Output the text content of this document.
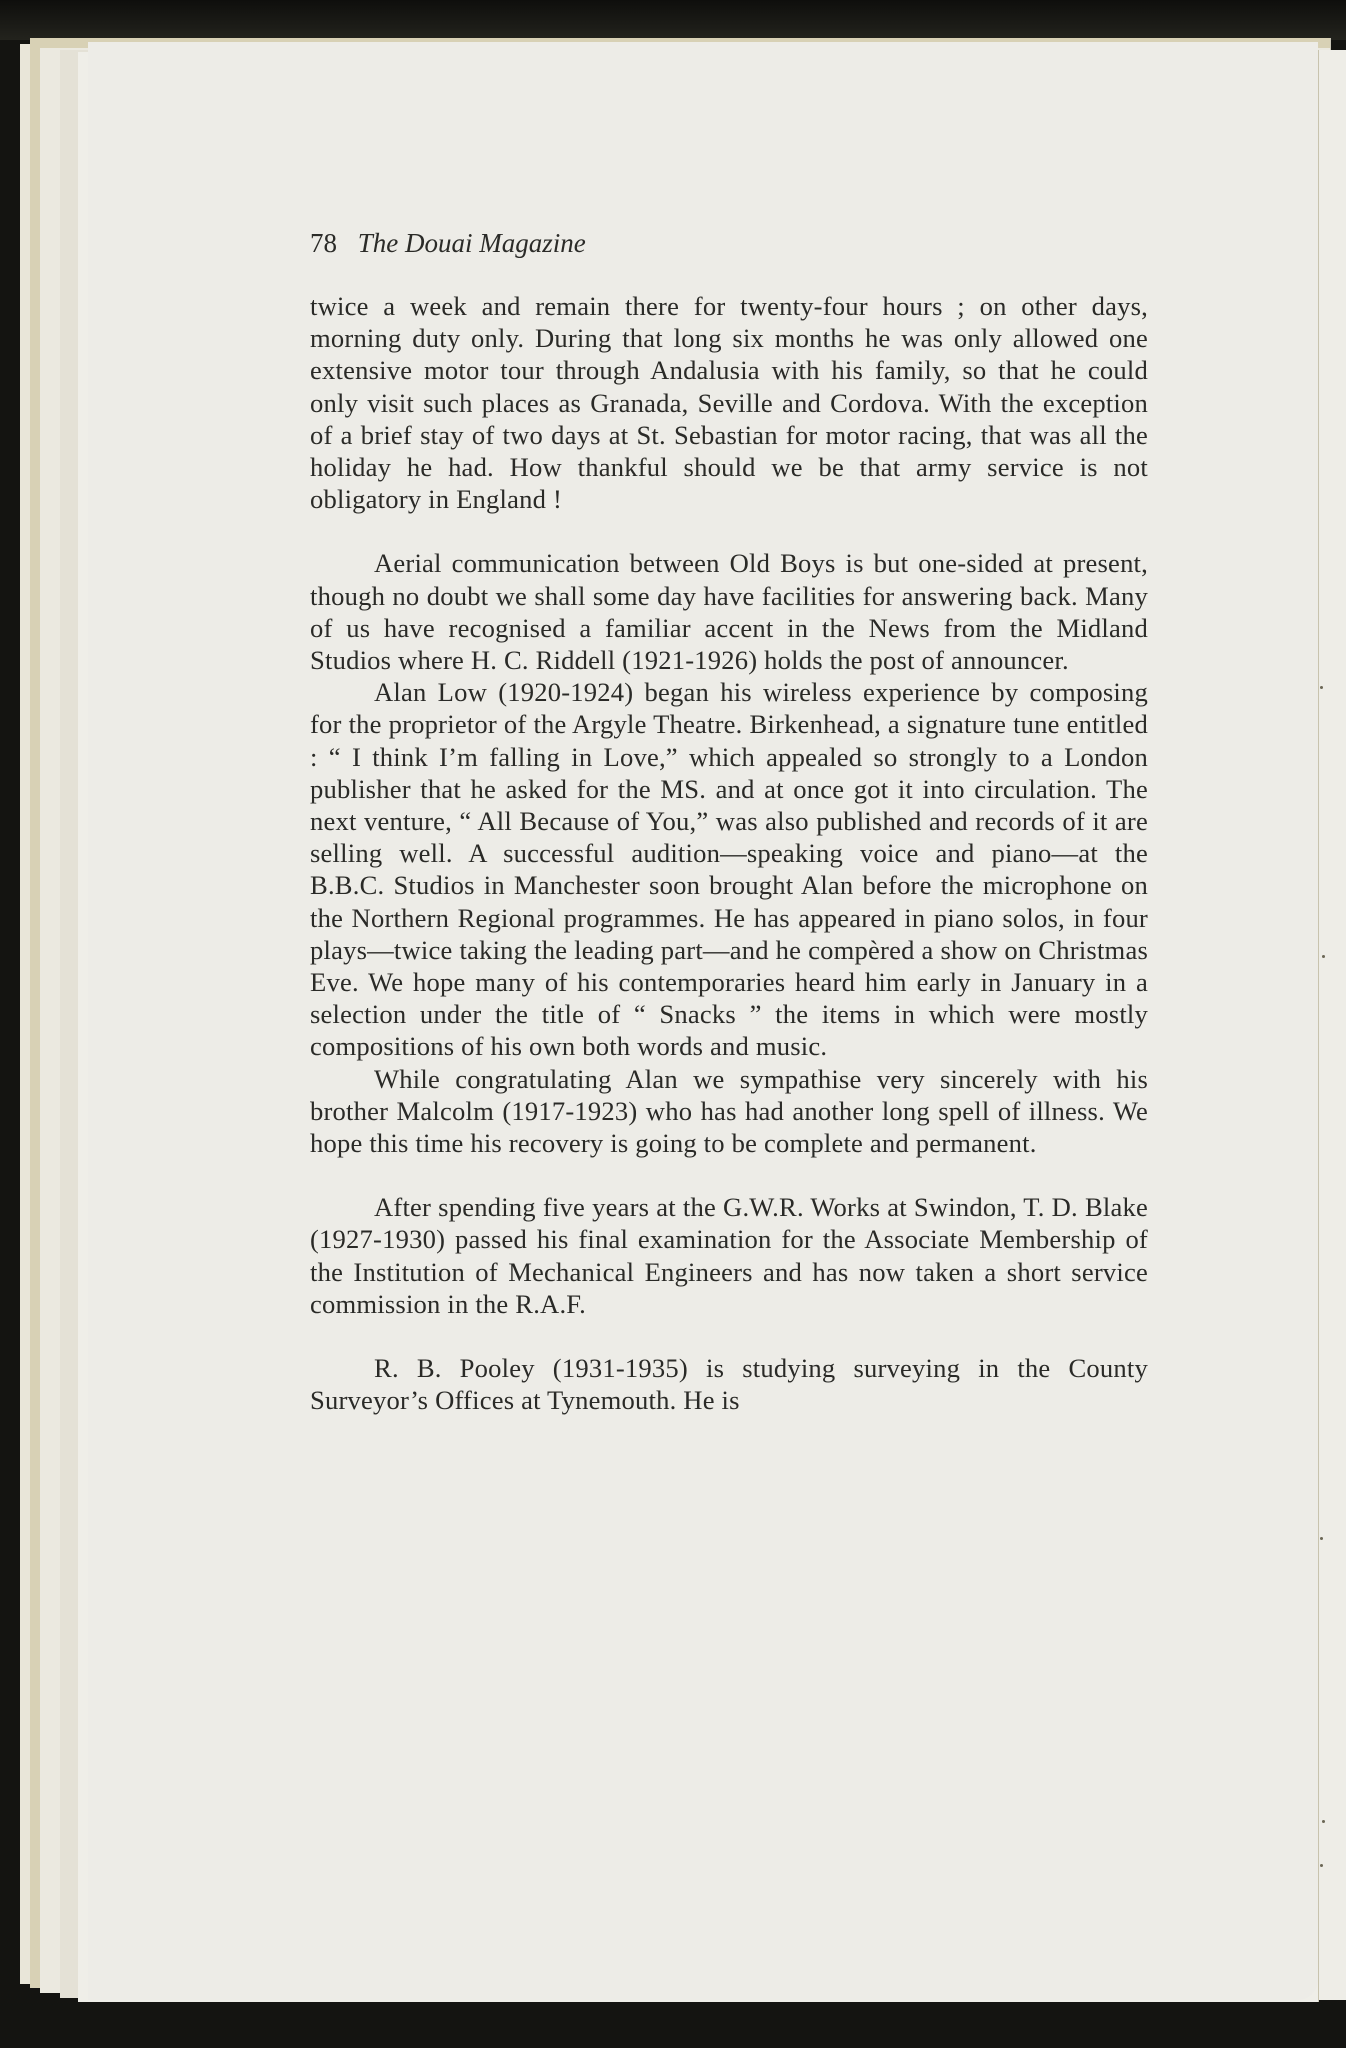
78 The Douai Magazine

twice a week and remain there for twenty-four hours ; on other days, morning duty only. During that long six months he was only allowed one extensive motor tour through Andalusia with his family, so that he could only visit such places as Granada, Seville and Cordova. With the exception of a brief stay of two days at St. Sebastian for motor racing, that was all the holiday he had. How thankful should we be that army service is not obligatory in England !

Aerial communication between Old Boys is but one-sided at present, though no doubt we shall some day have facilities for answering back. Many of us have recognised a familiar accent in the News from the Midland Studios where H. C. Riddell (1921-1926) holds the post of announcer.

Alan Low (1920-1924) began his wireless experience by composing for the proprietor of the Argyle Theatre. Birkenhead, a signature tune entitled : “ I think I’m falling in Love,” which appealed so strongly to a London publisher that he asked for the MS. and at once got it into circulation. The next venture, “ All Because of You,” was also published and records of it are selling well. A successful audition—speaking voice and piano—at the B.B.C. Studios in Manchester soon brought Alan before the microphone on the Northern Regional programmes. He has appeared in piano solos, in four plays—twice taking the leading part—and he compèred a show on Christmas Eve. We hope many of his contemporaries heard him early in January in a selection under the title of “ Snacks ” the items in which were mostly compositions of his own both words and music.

While congratulating Alan we sympathise very sincerely with his brother Malcolm (1917-1923) who has had another long spell of illness. We hope this time his recovery is going to be complete and permanent.

After spending five years at the G.W.R. Works at Swindon, T. D. Blake (1927-1930) passed his final examination for the Associate Membership of the Institution of Mechanical Engineers and has now taken a short service commission in the R.A.F.

R. B. Pooley (1931-1935) is studying surveying in the County Surveyor’s Offices at Tynemouth. He is
